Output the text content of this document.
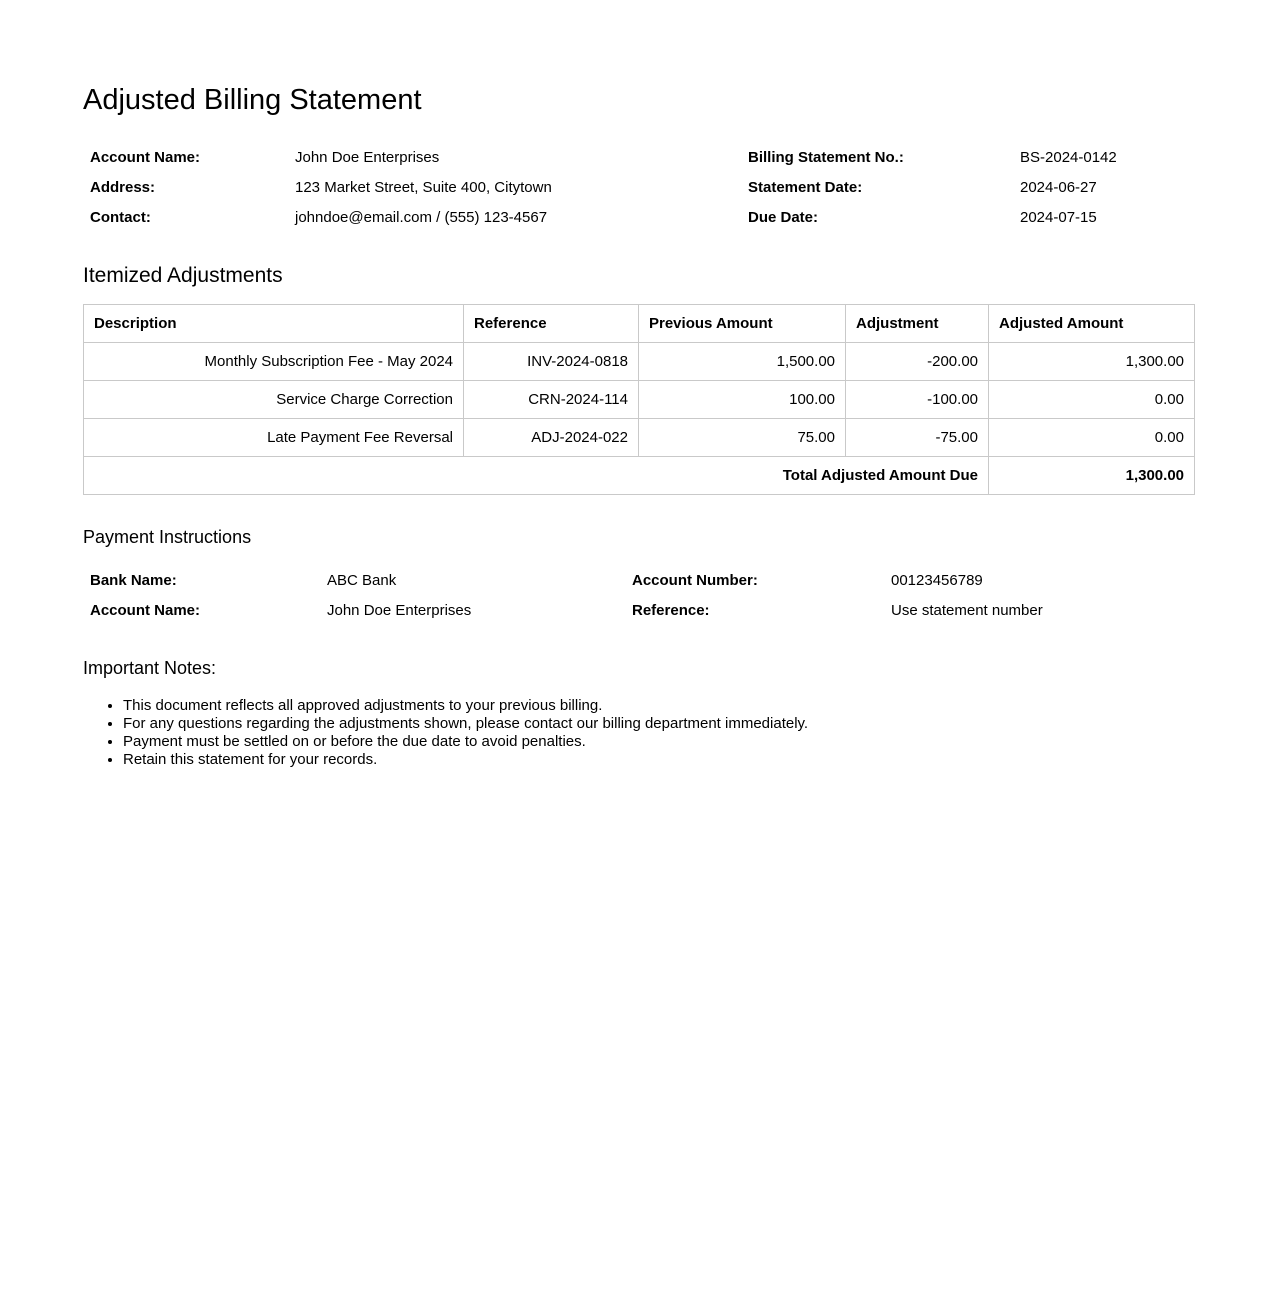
Adjusted Billing Statement
Account Name:	John Doe Enterprises	Billing Statement No.:	BS-2024-0142
Address:	123 Market Street, Suite 400, Citytown	Statement Date:	2024-06-27
Contact:	johndoe@email.com / (555) 123-4567	Due Date:	2024-07-15
Itemized Adjustments
Description	Reference	Previous Amount	Adjustment	Adjusted Amount
Monthly Subscription Fee - May 2024	INV-2024-0818	1,500.00	-200.00	1,300.00
Service Charge Correction	CRN-2024-114	100.00	-100.00	0.00
Late Payment Fee Reversal	ADJ-2024-022	75.00	-75.00	0.00
Total Adjusted Amount Due				1,300.00
Payment Instructions
Bank Name:	ABC Bank	Account Number:	00123456789
Account Name:	John Doe Enterprises	Reference:	Use statement number
Important Notes:
• This document reflects all approved adjustments to your previous billing.
• For any questions regarding the adjustments shown, please contact our billing department immediately.
• Payment must be settled on or before the due date to avoid penalties.
• Retain this statement for your records.
